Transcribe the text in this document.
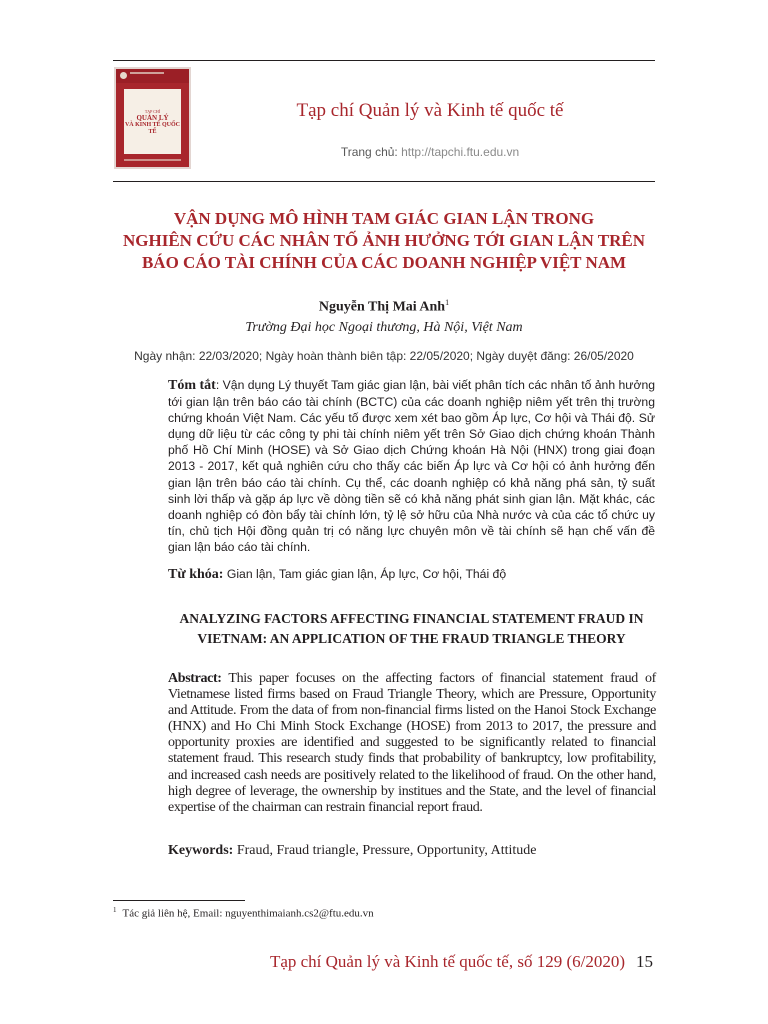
TẠP CHÍ
QUẢN LÝ
VÀ KINH TẾ QUỐC TẾ
Tạp chí Quản lý và Kinh tế quốc tế
Trang chủ: http://tapchi.ftu.edu.vn
VẬN DỤNG MÔ HÌNH TAM GIÁC GIAN LẬN TRONG
NGHIÊN CỨU CÁC NHÂN TỐ ẢNH HƯỞNG TỚI GIAN LẬN TRÊN
BÁO CÁO TÀI CHÍNH CỦA CÁC DOANH NGHIỆP VIỆT NAM
Nguyễn Thị Mai Anh$^1$
Trường Đại học Ngoại thương, Hà Nội, Việt Nam
Ngày nhận: 22/03/2020; Ngày hoàn thành biên tập: 22/05/2020; Ngày duyệt đăng: 26/05/2020
Tóm tắt: Vận dụng Lý thuyết Tam giác gian lận, bài viết phân tích các nhân tố ảnh hưởng tới gian lận trên báo cáo tài chính (BCTC) của các doanh nghiệp niêm yết trên thị trường chứng khoán Việt Nam. Các yếu tố được xem xét bao gồm Áp lực, Cơ hội và Thái độ. Sử dụng dữ liệu từ các công ty phi tài chính niêm yết trên Sở Giao dịch chứng khoán Thành phố Hồ Chí Minh (HOSE) và Sở Giao dịch Chứng khoán Hà Nội (HNX) trong giai đoạn 2013 - 2017, kết quả nghiên cứu cho thấy các biến Áp lực và Cơ hội có ảnh hưởng đến gian lận trên báo cáo tài chính. Cụ thể, các doanh nghiệp có khả năng phá sản, tỷ suất sinh lời thấp và gặp áp lực về dòng tiền sẽ có khả năng phát sinh gian lận. Mặt khác, các doanh nghiệp có đòn bẩy tài chính lớn, tỷ lệ sở hữu của Nhà nước và của các tổ chức uy tín, chủ tịch Hội đồng quản trị có năng lực chuyên môn về tài chính sẽ hạn chế vấn đề gian lận báo cáo tài chính.
Từ khóa: Gian lận, Tam giác gian lận, Áp lực, Cơ hội, Thái độ
ANALYZING FACTORS AFFECTING FINANCIAL STATEMENT FRAUD IN
VIETNAM: AN APPLICATION OF THE FRAUD TRIANGLE THEORY
Abstract: This paper focuses on the affecting factors of financial statement fraud of Vietnamese listed firms based on Fraud Triangle Theory, which are Pressure, Opportunity and Attitude. From the data of from non-financial firms listed on the Hanoi Stock Exchange (HNX) and Ho Chi Minh Stock Exchange (HOSE) from 2013 to 2017, the pressure and opportunity proxies are identified and suggested to be significantly related to financial statement fraud. This research study finds that probability of bankruptcy, low profitability, and increased cash needs are positively related to the likelihood of fraud. On the other hand, high degree of leverage, the ownership by institues and the State, and the level of financial expertise of the chairman can restrain financial report fraud.
Keywords: Fraud, Fraud triangle, Pressure, Opportunity, Attitude
$^1$ Tác giả liên hệ, Email: nguyenthimaianh.cs2@ftu.edu.vn
Tạp chí Quản lý và Kinh tế quốc tế, số 129 (6/2020) 15
